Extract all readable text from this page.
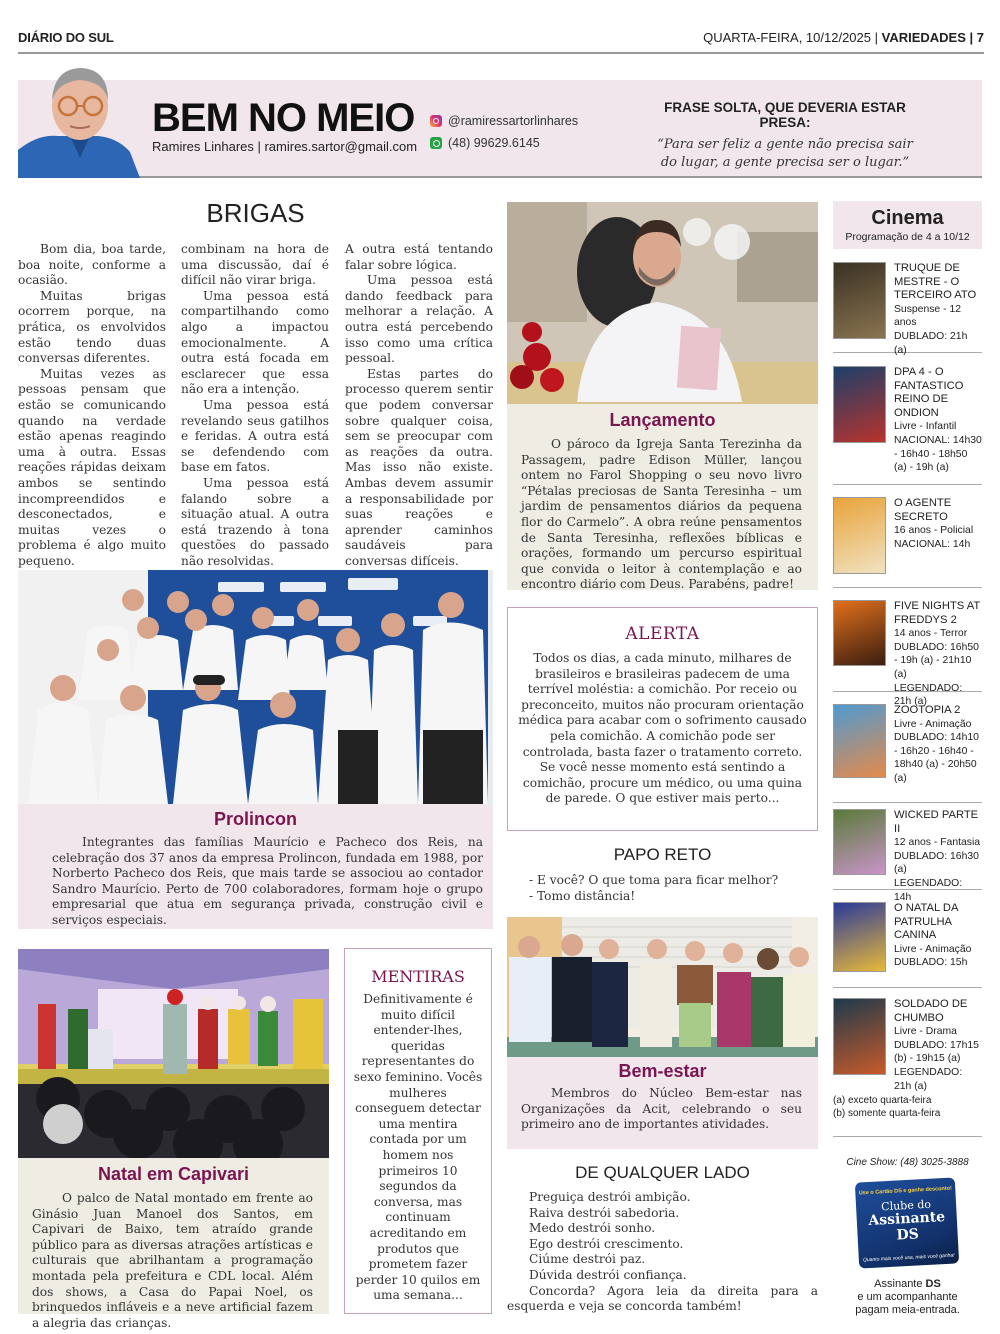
DIÁRIO DO SUL	QUARTA-FEIRA, 10/12/2025 | VARIEDADES | 7
BEM NO MEIO
Ramires Linhares | ramires.sartor@gmail.com
@ramiressartorlinhares
(48) 99629.6145
FRASE SOLTA, QUE DEVERIA ESTAR PRESA:
“Para ser feliz a gente não precisa sair
do lugar, a gente precisa ser o lugar.”
BRIGAS

Bom dia, boa tarde, boa noite, conforme a ocasião.

Muitas brigas ocorrem porque, na prática, os envolvidos estão tendo duas conversas diferentes.

Muitas vezes as pessoas pensam que estão se comunicando quando na verdade estão apenas reagindo uma à outra. Essas reações rápidas deixam ambos se sentindo incompreendidos e desconectados, e muitas vezes o problema é algo muito pequeno.

combinam na hora de uma discussão, daí é difícil não virar briga.

Uma pessoa está compartilhando como algo a impactou emocionalmente. A outra está focada em esclarecer que essa não era a intenção.

Uma pessoa está revelando seus gatilhos e feridas. A outra está se defendendo com base em fatos.

Uma pessoa está falando sobre a situação atual. A outra está trazendo à tona questões do passado não resolvidas.

A outra está tentando falar sobre lógica.

Uma pessoa está dando feedback para melhorar a relação. A outra está percebendo isso como uma crítica pessoal.

Estas partes do processo querem sentir que podem conversar sobre qualquer coisa, sem se preocupar com as reações da outra. Mas isso não existe. Ambas devem assumir a responsabilidade por suas reações e aprender caminhos saudáveis para conversas difíceis.

Lançamento

O pároco da Igreja Santa Terezinha da Passagem, padre Edison Müller, lançou ontem no Farol Shopping o seu novo livro “Pétalas preciosas de Santa Teresinha – um jardim de pensamentos diários da pequena flor do Carmelo”. A obra reúne pensamentos de Santa Teresinha, reflexões bíblicas e orações, formando um percurso espiritual que convida o leitor à contemplação e ao encontro diário com Deus. Parabéns, padre!

Cinema
Programação de 4 a 10/12
TRUQUE DE MESTRE - O TERCEIRO ATO
Suspense - 12 anos
DUBLADO: 21h (a)
DPA 4 - O FANTASTICO REINO DE ONDION
Livre - Infantil
NACIONAL: 14h30 - 16h40 - 18h50 (a) - 19h (a)
O AGENTE SECRETO
16 anos - Policial
NACIONAL: 14h
FIVE NIGHTS AT FREDDYS 2
14 anos - Terror
DUBLADO: 16h50 - 19h (a) - 21h10 (a)
LEGENDADO: 21h (a)
ZOOTOPIA 2
Livre - Animação
DUBLADO: 14h10 - 16h20 - 16h40 - 18h40 (a) - 20h50 (a)
WICKED PARTE II
12 anos - Fantasia
DUBLADO: 16h30 (a)
LEGENDADO: 14h
O NATAL DA PATRULHA CANINA
Livre - Animação
DUBLADO: 15h
SOLDADO DE CHUMBO
Livre - Drama
DUBLADO: 17h15 (b) - 19h15 (a)
LEGENDADO: 21h (a)
(a) exceto quarta-feira
(b) somente quarta-feira
Cine Show: (48) 3025-3888
Use o Cartão DS e ganhe desconto!
Clube do
Assinante DS
Quanto mais você usa, mais você ganha!
Assinante DS
e um acompanhante
pagam meia-entrada.
Prolincon

Integrantes das famílias Maurício e Pacheco dos Reis, na celebração dos 37 anos da empresa Prolincon, fundada em 1988, por Norberto Pacheco dos Reis, que mais tarde se associou ao contador Sandro Maurício. Perto de 700 colaboradores, formam hoje o grupo empresarial que atua em segurança privada, construção civil e serviços especiais.

ALERTA
Todos os dias, a cada minuto, milhares de brasileiros e brasileiras padecem de uma terrível moléstia: a comichão. Por receio ou preconceito, muitos não procuram orientação médica para acabar com o sofrimento causado pela comichão. A comichão pode ser controlada, basta fazer o tratamento correto. Se você nesse momento está sentindo a comichão, procure um médico, ou uma quina de parede. O que estiver mais perto...
PAPO RETO
- E você? O que toma para ficar melhor?
- Tomo distância!
Bem-estar

Membros do Núcleo Bem-estar nas Organizações da Acit, celebrando o seu primeiro ano de importantes atividades.

DE QUALQUER LADO

Preguiça destrói ambição.

Raiva destrói sabedoria.

Medo destrói sonho.

Ego destrói crescimento.

Ciúme destrói paz.

Dúvida destrói confiança.

Concorda? Agora leia da direita para a esquerda e veja se concorda também!

Natal em Capivari

O palco de Natal montado em frente ao Ginásio Juan Manoel dos Santos, em Capivari de Baixo, tem atraído grande público para as diversas atrações artísticas e culturais que abrilhantam a programação montada pela prefeitura e CDL local. Além dos shows, a Casa do Papai Noel, os brinquedos infláveis e a neve artificial fazem a alegria das crianças.

MENTIRAS
Definitivamente é muito difícil entender-lhes, queridas representantes do sexo feminino. Vocês mulheres conseguem detectar uma mentira contada por um homem nos primeiros 10 segundos da conversa, mas continuam acreditando em produtos que prometem fazer perder 10 quilos em uma semana...
